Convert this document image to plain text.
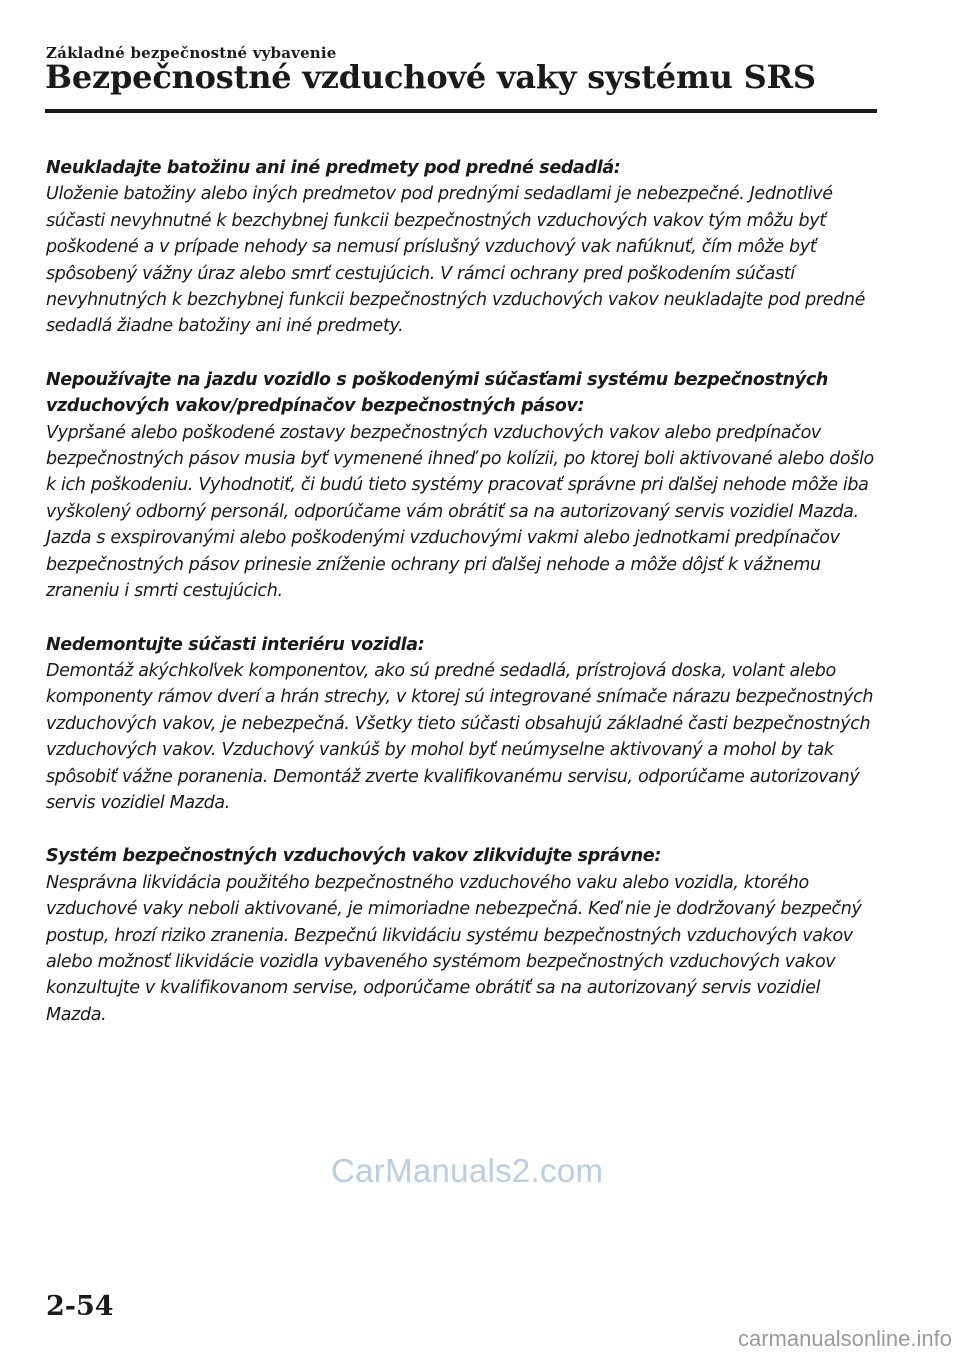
Základné bezpečnostné vybavenie
Bezpečnostné vzduchové vaky systému SRS
Neukladajte batožinu ani iné predmety pod predné sedadlá:
Uloženie batožiny alebo iných predmetov pod prednými sedadlami je nebezpečné. Jednotlivé súčasti nevyhnutné k bezchybnej funkcii bezpečnostných vzduchových vakov tým môžu byť poškodené a v prípade nehody sa nemusí príslušný vzduchový vak nafúknuť, čím môže byť spôsobený vážny úraz alebo smrť cestujúcich. V rámci ochrany pred poškodením súčastí nevyhnutných k bezchybnej funkcii bezpečnostných vzduchových vakov neukladajte pod predné sedadlá žiadne batožiny ani iné predmety.
Nepoužívajte na jazdu vozidlo s poškodenými súčasťami systému bezpečnostných vzduchových vakov/predpínačov bezpečnostných pásov:
Vypršané alebo poškodené zostavy bezpečnostných vzduchových vakov alebo predpínačov bezpečnostných pásov musia byť vymenené ihneď po kolízii, po ktorej boli aktivované alebo došlo k ich poškodeniu. Vyhodnotiť, či budú tieto systémy pracovať správne pri ďalšej nehode môže iba vyškolený odborný personál, odporúčame vám obrátiť sa na autorizovaný servis vozidiel Mazda. Jazda s exspirovanými alebo poškodenými vzduchovými vakmi alebo jednotkami predpínačov bezpečnostných pásov prinesie zníženie ochrany pri ďalšej nehode a môže dôjsť k vážnemu zraneniu i smrti cestujúcich.
Nedemontujte súčasti interiéru vozidla:
Demontáž akýchkoľvek komponentov, ako sú predné sedadlá, prístrojová doska, volant alebo komponenty rámov dverí a hrán strechy, v ktorej sú integrované snímače nárazu bezpečnostných vzduchových vakov, je nebezpečná. Všetky tieto súčasti obsahujú základné časti bezpečnostných vzduchových vakov. Vzduchový vankúš by mohol byť neúmyselne aktivovaný a mohol by tak spôsobiť vážne poranenia. Demontáž zverte kvalifikovanému servisu, odporúčame autorizovaný servis vozidiel Mazda.
Systém bezpečnostných vzduchových vakov zlikvidujte správne:
Nesprávna likvidácia použitého bezpečnostného vzduchového vaku alebo vozidla, ktorého vzduchové vaky neboli aktivované, je mimoriadne nebezpečná. Keď nie je dodržovaný bezpečný postup, hrozí riziko zranenia. Bezpečnú likvidáciu systému bezpečnostných vzduchových vakov alebo možnosť likvidácie vozidla vybaveného systémom bezpečnostných vzduchových vakov konzultujte v kvalifikovanom servise, odporúčame obrátiť sa na autorizovaný servis vozidiel Mazda.
CarManuals2.com
2-54
carmanualsonline.info
